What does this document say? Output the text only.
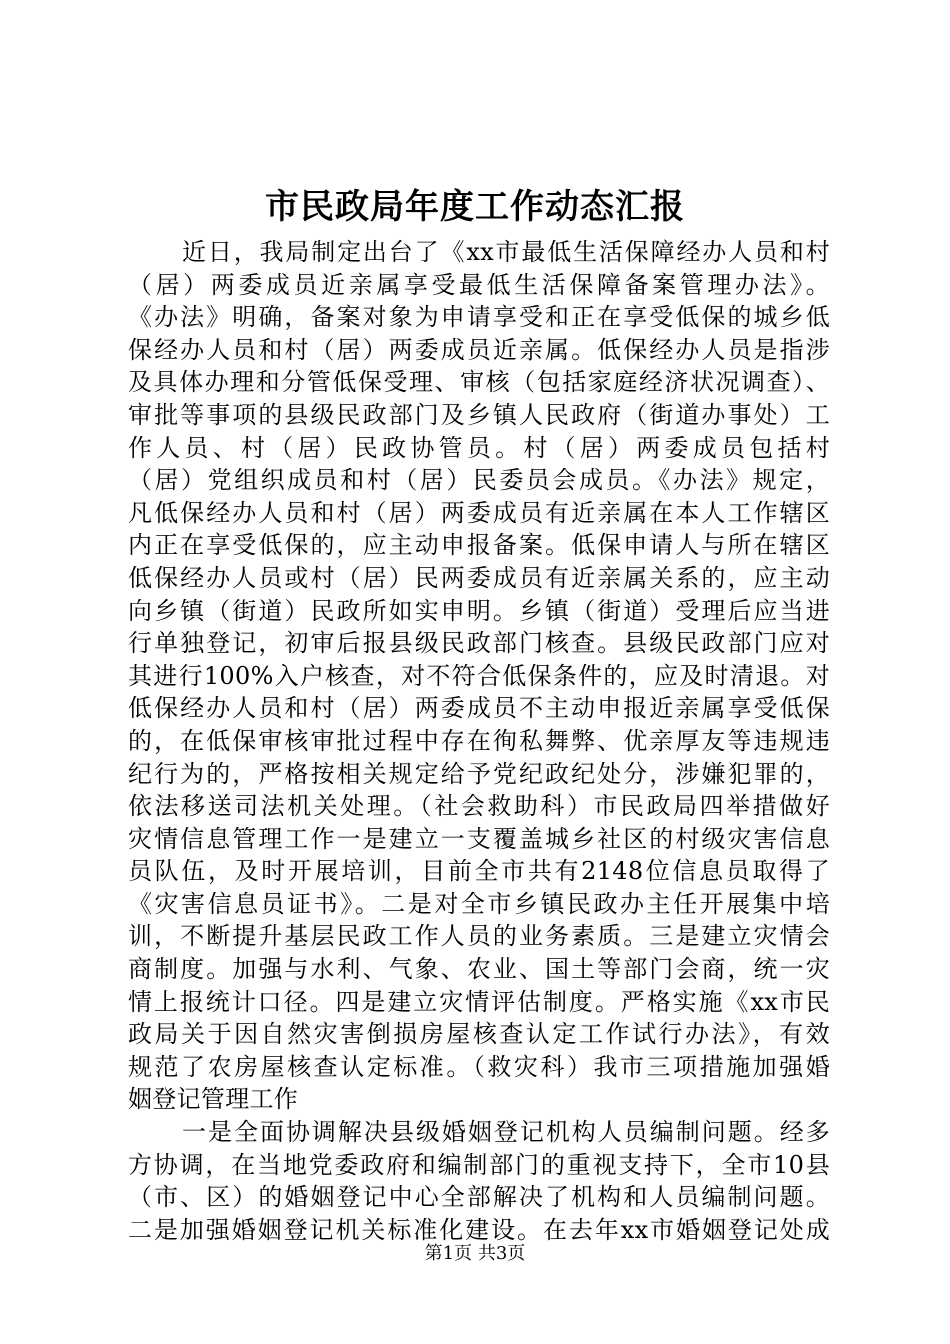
市民政局年度工作动态汇报
近日，我局制定出台了《xx市最低生活保障经办人员和村
（居）两委成员近亲属享受最低生活保障备案管理办法》。
《办法》明确，备案对象为申请享受和正在享受低保的城乡低
保经办人员和村（居）两委成员近亲属。低保经办人员是指涉
及具体办理和分管低保受理、审核（包括家庭经济状况调查）、
审批等事项的县级民政部门及乡镇人民政府（街道办事处）工
作人员、村（居）民政协管员。村（居）两委成员包括村
（居）党组织成员和村（居）民委员会成员。《办法》规定，
凡低保经办人员和村（居）两委成员有近亲属在本人工作辖区
内正在享受低保的，应主动申报备案。低保申请人与所在辖区
低保经办人员或村（居）民两委成员有近亲属关系的，应主动
向乡镇（街道）民政所如实申明。乡镇（街道）受理后应当进
行单独登记，初审后报县级民政部门核查。县级民政部门应对
其进行100%入户核查，对不符合低保条件的，应及时清退。对
低保经办人员和村（居）两委成员不主动申报近亲属享受低保
的，在低保审核审批过程中存在徇私舞弊、优亲厚友等违规违
纪行为的，严格按相关规定给予党纪政纪处分，涉嫌犯罪的，
依法移送司法机关处理。（社会救助科）市民政局四举措做好
灾情信息管理工作一是建立一支覆盖城乡社区的村级灾害信息
员队伍，及时开展培训，目前全市共有2148位信息员取得了
《灾害信息员证书》。二是对全市乡镇民政办主任开展集中培
训，不断提升基层民政工作人员的业务素质。三是建立灾情会
商制度。加强与水利、气象、农业、国土等部门会商，统一灾
情上报统计口径。四是建立灾情评估制度。严格实施《xx市民
政局关于因自然灾害倒损房屋核查认定工作试行办法》，有效
规范了农房屋核查认定标准。（救灾科）我市三项措施加强婚
姻登记管理工作
一是全面协调解决县级婚姻登记机构人员编制问题。经多
方协调，在当地党委政府和编制部门的重视支持下，全市10县
（市、区）的婚姻登记中心全部解决了机构和人员编制问题。
二是加强婚姻登记机关标准化建设。在去年xx市婚姻登记处成
第1页 共3页
